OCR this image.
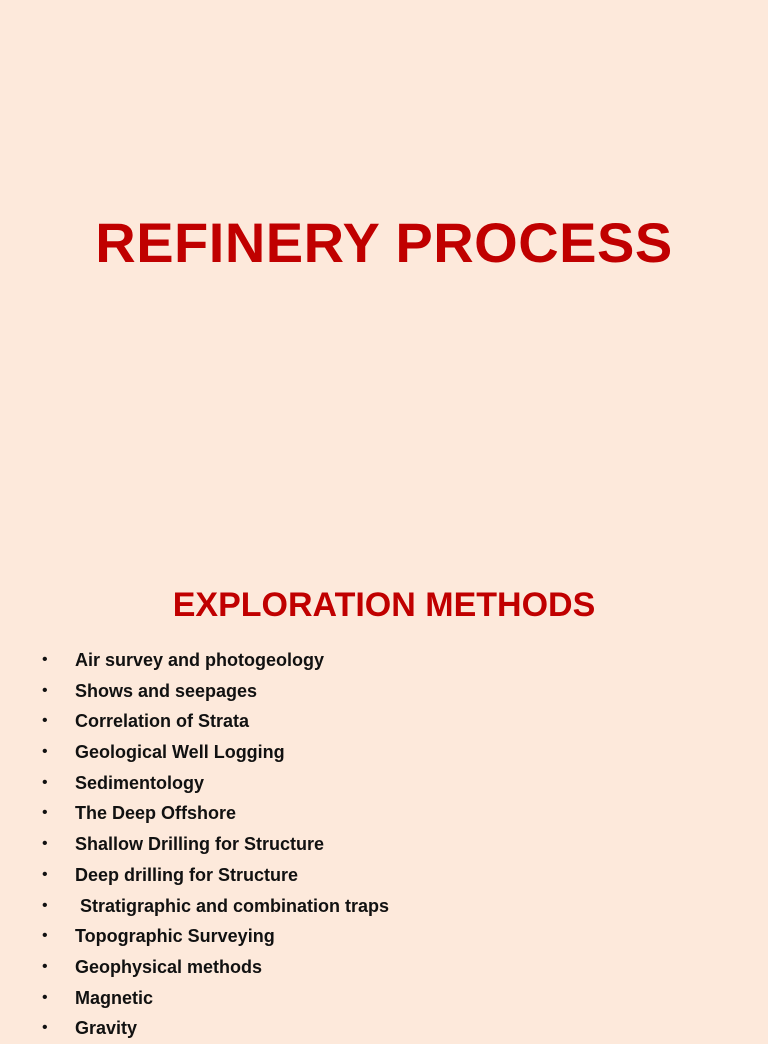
REFINERY PROCESS
EXPLORATION METHODS
• Air survey and photogeology
• Shows and seepages
• Correlation of Strata
• Geological Well Logging
• Sedimentology
• The Deep Offshore
• Shallow Drilling for Structure
• Deep drilling for Structure
• Stratigraphic and combination traps
• Topographic Surveying
• Geophysical methods
• Magnetic
• Gravity
